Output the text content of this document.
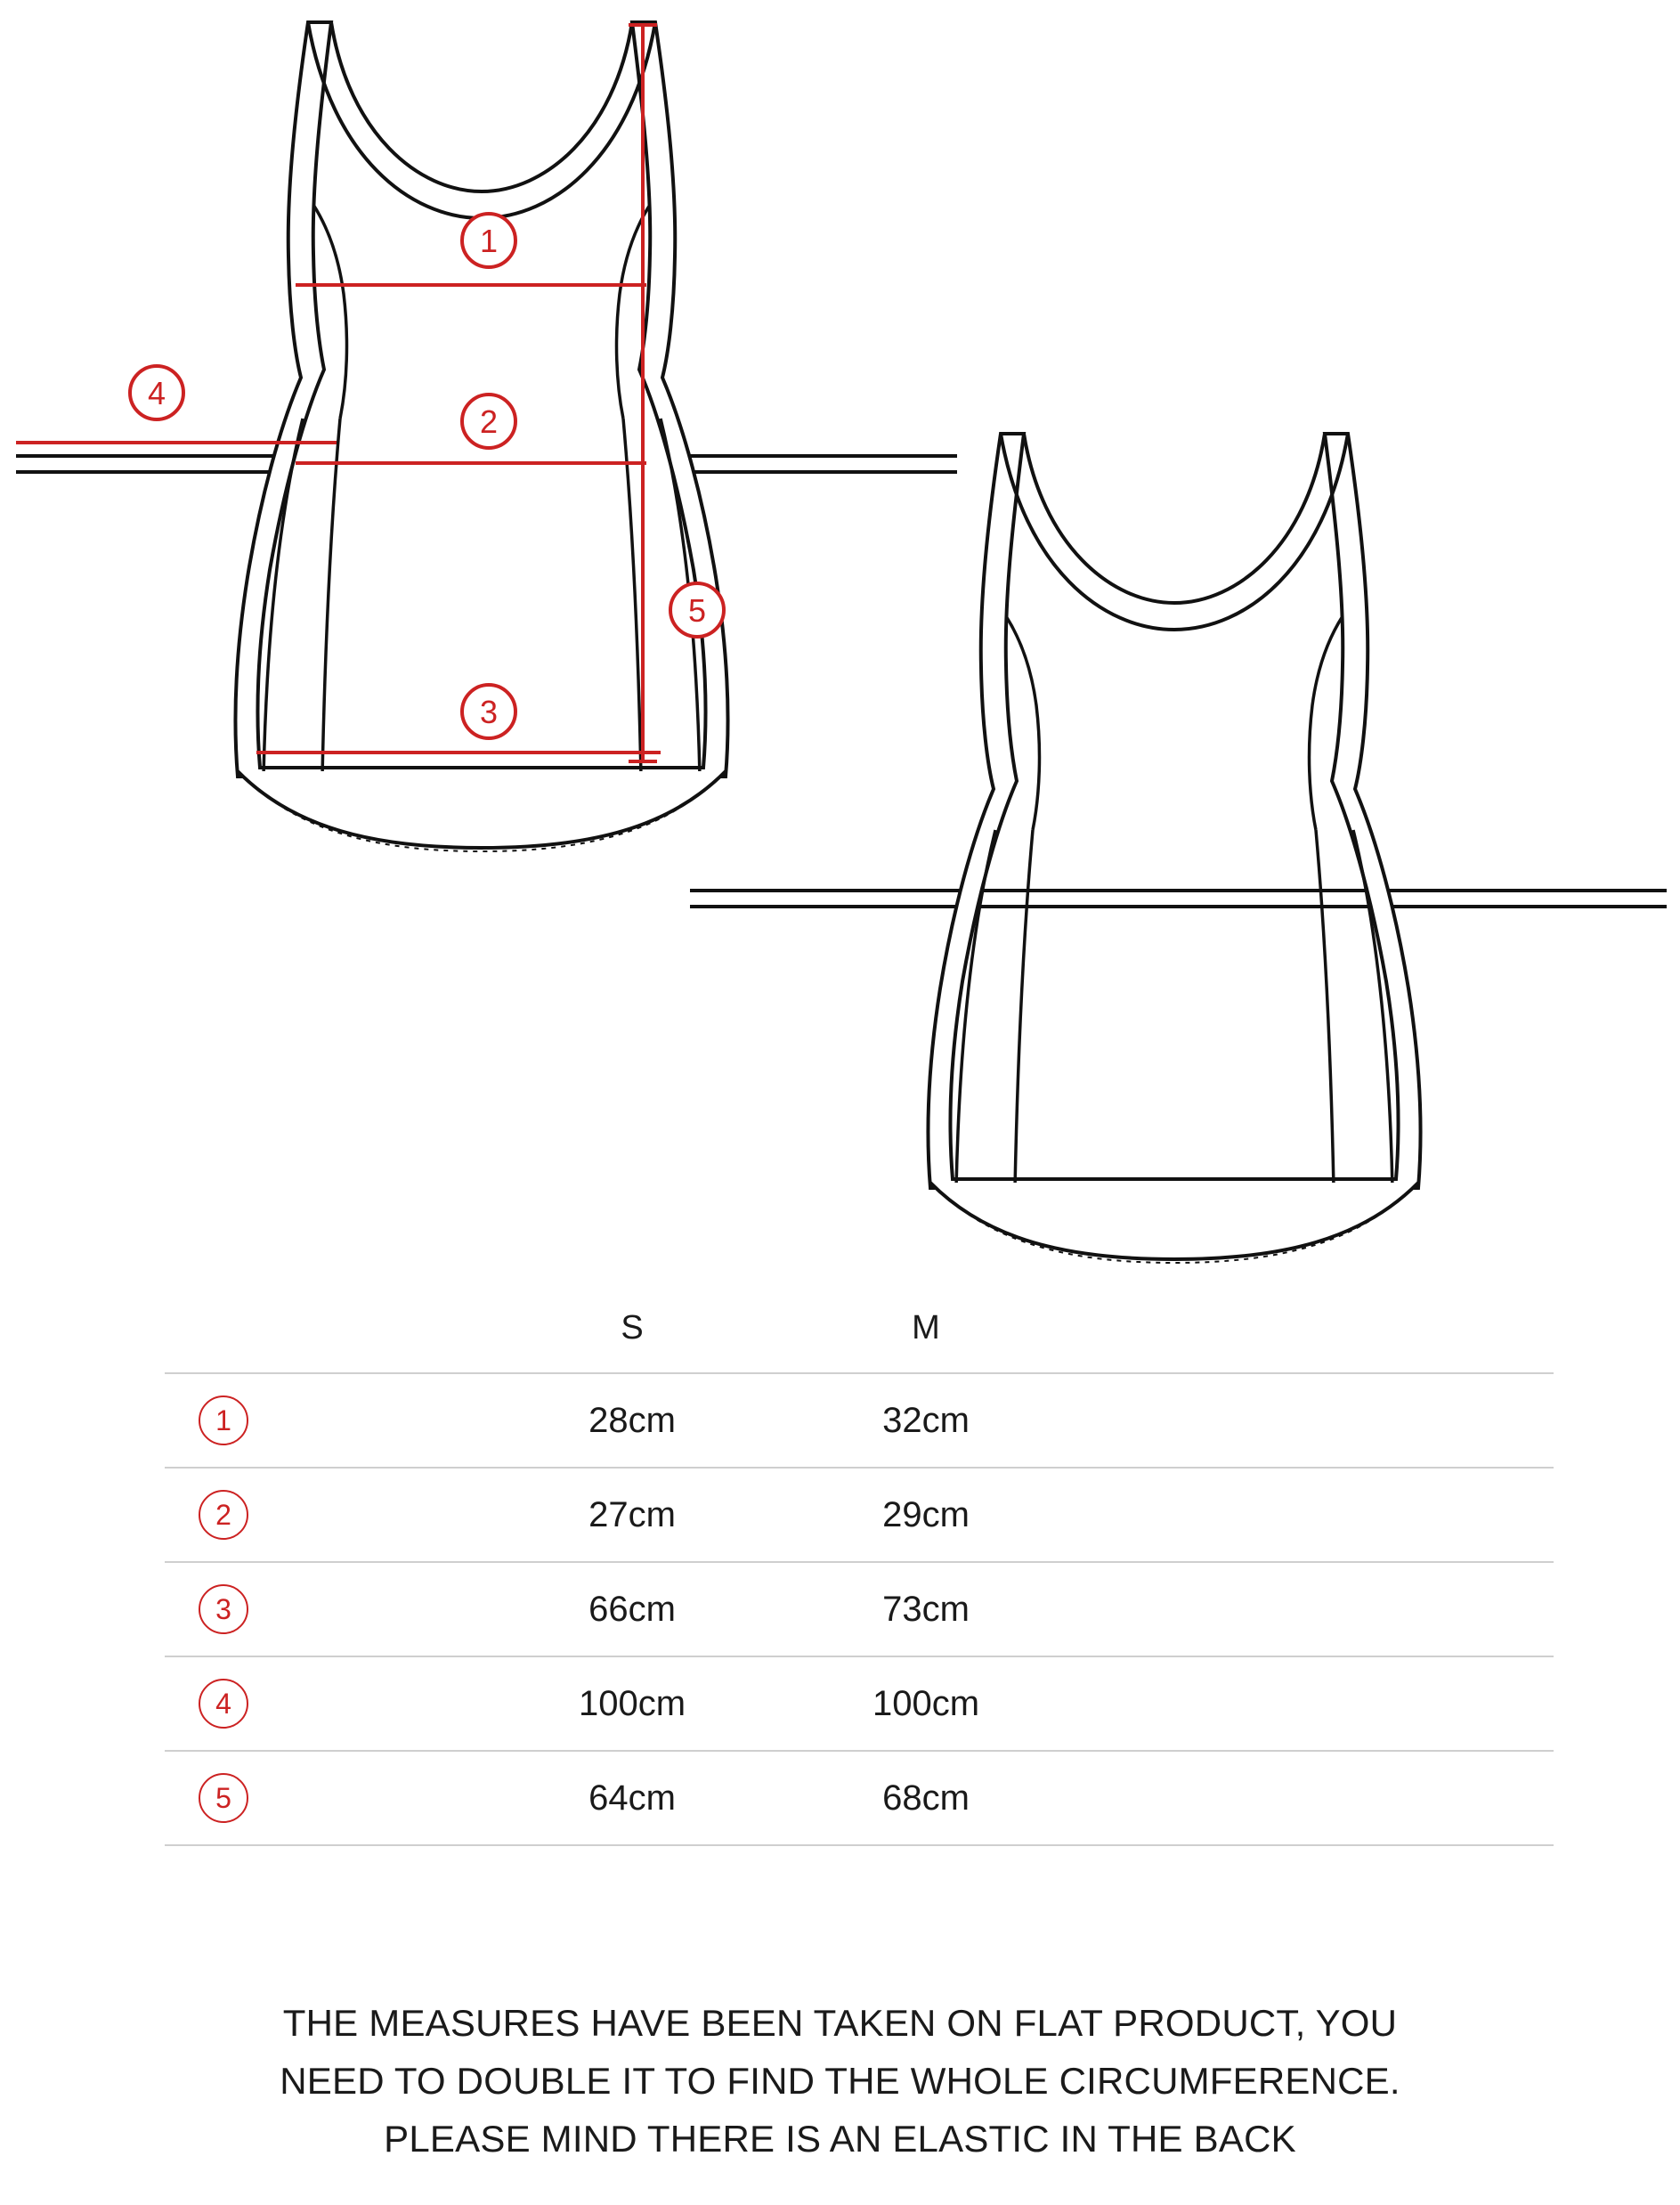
1
2
3
4
5
	S	M	
1	28cm	32cm	
2	27cm	29cm	
3	66cm	73cm	
4	100cm	100cm	
5	64cm	68cm	
THE MEASURES HAVE BEEN TAKEN ON FLAT PRODUCT, YOU
NEED TO DOUBLE IT TO FIND THE WHOLE CIRCUMFERENCE.
PLEASE MIND THERE IS AN ELASTIC IN THE BACK
